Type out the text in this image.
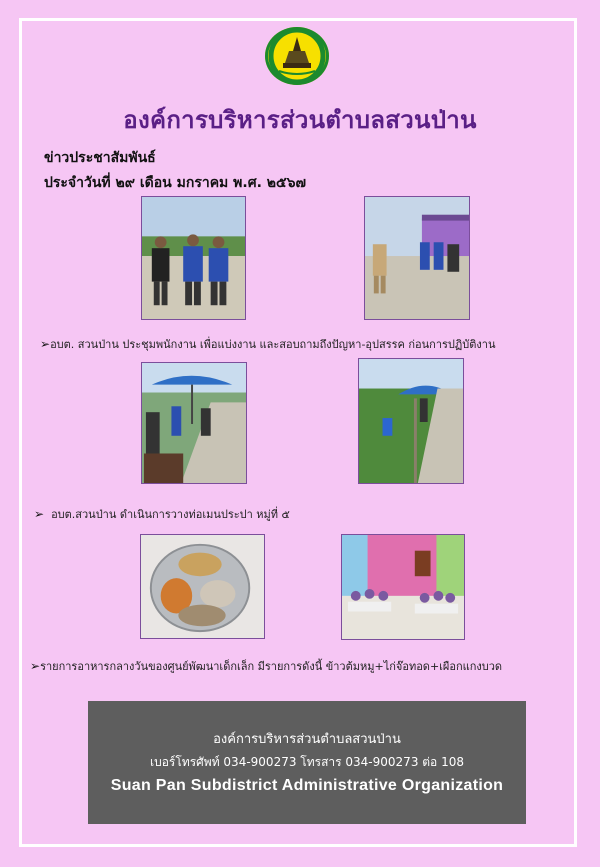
องค์การบริหารส่วนตำบลสวนป่าน
ข่าวประชาสัมพันธ์
ประจำวันที่ ๒๙ เดือน มกราคม พ.ศ. ๒๕๖๗
➢อบต. สวนป่าน ประชุมพนักงาน เพื่อแบ่งงาน และสอบถามถึงปัญหา-อุปสรรค ก่อนการปฏิบัติงาน
➢ อบต.สวนป่าน ดำเนินการวางท่อเมนประปา หมู่ที่ ๕
➢รายการอาหารกลางวันของศูนย์พัฒนาเด็กเล็ก มีรายการดังนี้ ข้าวต้มหมู+ไก่จ๊อทอด+เผือกแกงบวด
องค์การบริหารส่วนตำบลสวนป่าน
เบอร์โทรศัพท์ 034-900273 โทรสาร 034-900273 ต่อ 108
Suan Pan Subdistrict Administrative Organization
